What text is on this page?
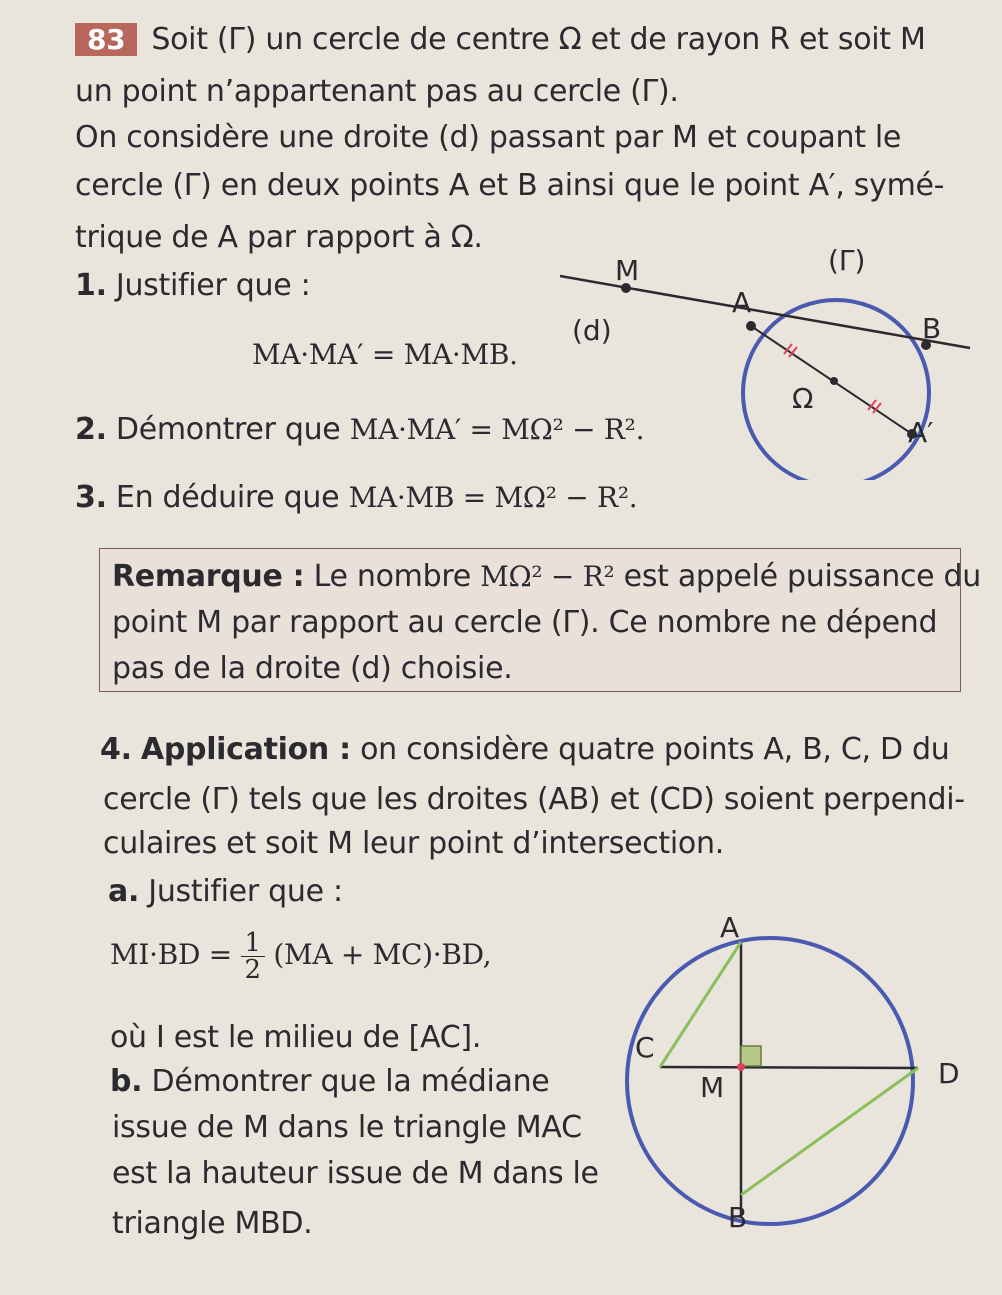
83 Soit (Γ) un cercle de centre Ω et de rayon R et soit M
un point n’appartenant pas au cercle (Γ).
On considère une droite (d) passant par M et coupant le
cercle (Γ) en deux points A et B ainsi que le point A′, symé-
trique de A par rapport à Ω.
1. Justifier que :
MA·MA′ = MA·MB.
2. Démontrer que MA·MA′ = MΩ² − R².
3. En déduire que MA·MB = MΩ² − R².
(Γ)
M
A
(d)	B
Ω
A′
Remarque : Le nombre MΩ² − R² est appelé puissance du
point M par rapport au cercle (Γ). Ce nombre ne dépend
pas de la droite (d) choisie.
4. Application : on considère quatre points A, B, C, D du
cercle (Γ) tels que les droites (AB) et (CD) soient perpendi-
culaires et soit M leur point d’intersection.
a. Justifier que :
$MI\cdot BD = \frac{1}{2} (MA + MC)\cdot BD$,
où I est le milieu de [AC].
b. Démontrer que la médiane
issue de M dans le triangle MAC
est la hauteur issue de M dans le
triangle MBD.
A
C
D
M
B
